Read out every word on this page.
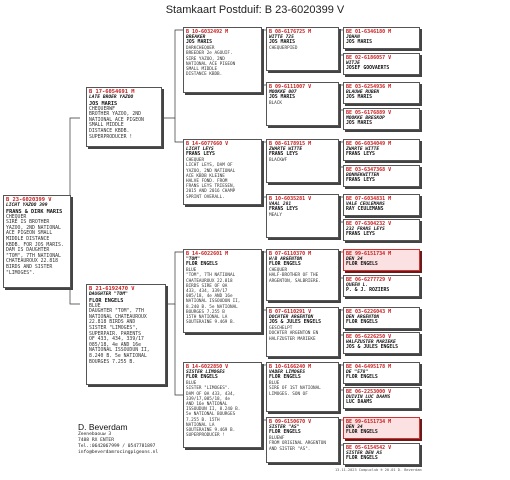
Stamkaart Postduif: B 23-6020399 V
B 23-6020399 V
LICHT YAZOO 399
FRANS & DIRK MARIS
CHEQUER
SIRE IS BROTHER
YAZOO, 2ND NATIONAL
ACE PIGEON SMALL
MIDDLE DISTANCE
KBDB. FOR JOS MARIS.
DAM IS DAUGHTER
"TOM", 7TH NATIONAL
CHATEAUROUX 22.818
BIRDS AND SISTER
"LIMOGES".
B 17-6054691 M
LATE BROER YAZOO
JOS MARIS
CHEQUERWF
BROTHER YAZOO, 2ND
NATIONAL ACE PIGEON
SMALL MIDDLE
DISTANCE KBDB.
SUPERPRODUCER !
B 21-6192470 V
DAUGHTER "TOM"
FLOR ENGELS
BLUE
DAUGHTER "TOM", 7TH
NATIONAL CHATEAUROUX
22.818 BIRDS AND
SISTER "LIMOGES",
SUPERPAIR. PARENTS
OF 433, 434, 339/17
085/18, 4e AND 16e
NATIONAL ISSOUDUN II,
8.240 B. 5e NATIONAL
BOURGES 7.255 B.
B 10-6032492 M
BREAKER
JOS MARIS
DARKCHEQUER
BREEDER 2e AGOUIF.
SIRE YAZOO, 2ND
NATIONAL ACE PIGEON
SMALL MIDDLE
DISTANCE KBDB.
B 14-6077660 V
LICHT LEYS
FRANS LEYS
CHEQUER
LICHT LEYS, DAM OF
YAZOO, 2ND NATIONAL
ACE KBDB KLEINE
HALVE FOND. FROM
FRANS LEYS TRIESEN,
2015 AND 2016 CHAMP
SPRINT OVERALL.
B 14-6022601 M
"TOM"
FLOR ENGELS
BLUE
"TOM", 7TH NATIONAL
CHATEAUROUX 22.818
BIRDS SIRE OF 0A
433, 434, 339/17
085/18, 4e AND 16e
NATIONAL ISSOUDUN II,
8.240 B. 5e NATIONAL
BOURGES 7.255 B
15TH NATIONAL LA
SOUTERAINE 9.469 B.
B 14-6022850 V
SISTER LIMOGES
FLOR ENGELS
BLUE
SISTER "LIMOGES".
DAM OF 0A 433, 434,
339/17,085/18, 4e
AND 16e NATIONAL
ISSOUDUN II, 8.240 B.
5e NATIONAL BOURGES
7.255 B. 15TH
NATIONAL LA
SOUTERAINE 9.469 B.
SUPERPRODUCER !
B 08-6176725 M
WITTE 725
JOS MARIS
CHEQUERPIED
B 09-6111007 V
MOOKKE 007
JOS MARIS
BLACK
B 08-6178915 M
ZWARTE WITTE
FRANS LEYS
BLACKWF
B 10-6035281 V
VAAL 281
FRANS LEYS
MEALY
B 07-6110370 M
H/B ARGENTON
FLOR ENGELS
CHEQUER
HALF-BROTHER OF THE
ARGENTON, SALBRIERE.
B 07-6110291 V
DOCHTER ARGENTON
JOS & JULES ENGELS
GESCHELPT
DOCHTER ARGENTON EN
HALFZUSTER MARIEKE
B 10-6166240 M
VADER LIMOGES
FLOR ENGELS
BLUE
SIRE OF 1ST NATIONAL
LIMOGES. SON OF
B 09-6150670 V
SISTER "AS"
FLOR ENGELS
BLUEWF
FROM ORIGINAL ARGENTON
AND SISTER "AS".
BE 01-6346180 M
JOHAN
JOS MARIS
BE 02-6186057 V
WITJE
JOSEF GOOVAERTS
BE 03-6254936 M
BLAUWE RUBEN
JOS MARIS
BE 05-6176889 V
MOOKKE BRESKOP
JOS MARIS
BE 06-6034049 M
ZWARTE WITTE
FRANS LEYS
BE 03-6347368 V
BONNEKWITTEN
FRANS LEYS
BE 07-6034831 M
VALE CEULEMANS
RAY CEULEMANS
BE 07-6304232 V
232 FRANS LEYS
FRANS LEYS
BE 99-6151734 M
DEN 34
FLOR ENGELS
BE 06-6277729 V
QUEEN L.
P. & J. ROZIERS
BE 03-6226043 M
DEN ARGENTON
FLOR ENGELS
BE 05-6226250 V
HALFZUSTER MARIEKE
JOS & JULES ENGELS
BE 04-6495178 M
DE "578"
FLOR ENGELS
BE 06-2253000 V
DUIVIN LUC DAAMS
LUC DAAMS
BE 99-6151734 M
DEN 34
FLOR ENGELS
BE 05-6154542 V
SISTER DEN AS
FLOR ENGELS
D. Beverdam
Zeenebaouw 3
7488 RX ENTER
Tel.:0642067999 / 0547781897
info@beverdamrocingpigeons.nl
13-11-2023 Compuclub ® 20.01 D. Beverdam
